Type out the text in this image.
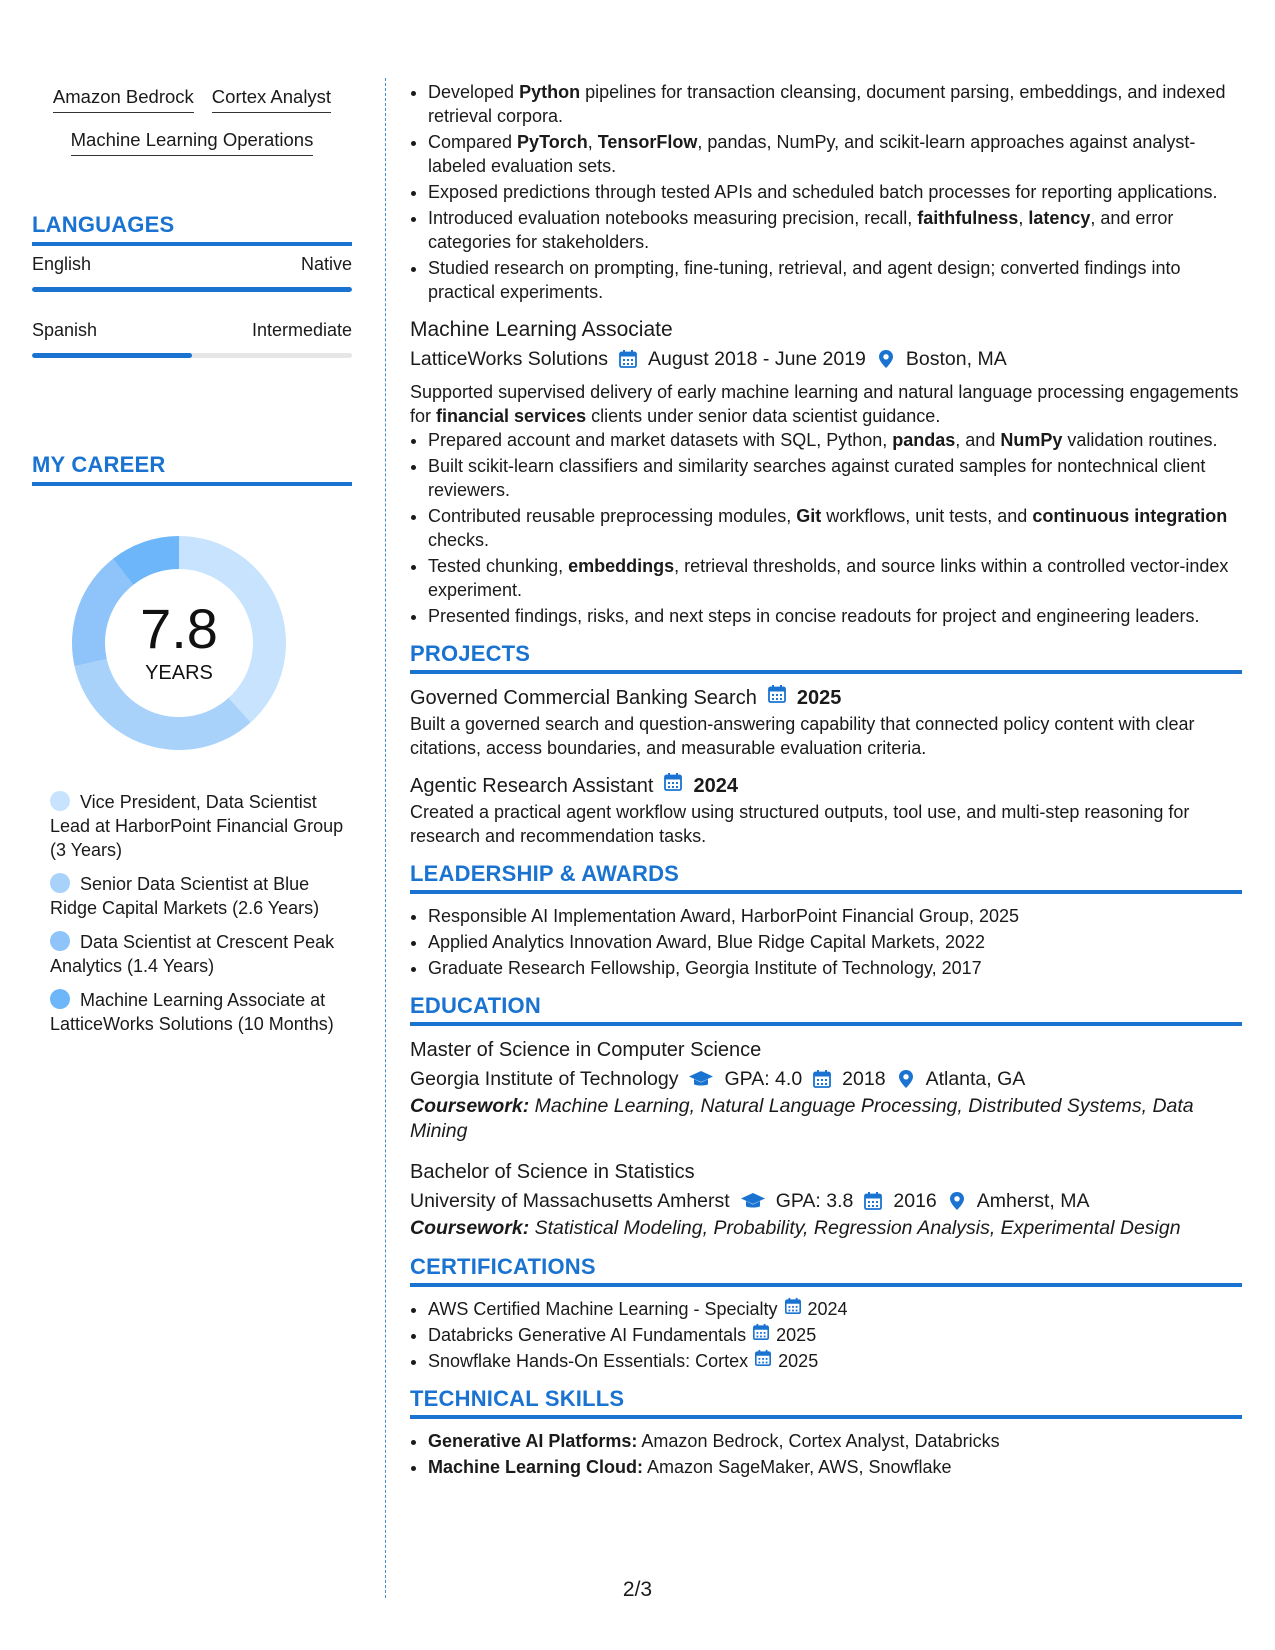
Amazon Bedrock Cortex Analyst
Machine Learning Operations
LANGUAGES
English	Native
Spanish	Intermediate
MY CAREER
7.8
YEARS
Vice President, Data Scientist Lead at HarborPoint Financial Group (3 Years)
Senior Data Scientist at Blue Ridge Capital Markets (2.6 Years)
Data Scientist at Crescent Peak Analytics (1.4 Years)
Machine Learning Associate at LatticeWorks Solutions (10 Months)
• Developed Python pipelines for transaction cleansing, document parsing, embeddings, and indexed retrieval corpora.
• Compared PyTorch, TensorFlow, pandas, NumPy, and scikit-learn approaches against analyst-labeled evaluation sets.
• Exposed predictions through tested APIs and scheduled batch processes for reporting applications.
• Introduced evaluation notebooks measuring precision, recall, faithfulness, latency, and error categories for stakeholders.
• Studied research on prompting, fine-tuning, retrieval, and agent design; converted findings into practical experiments.
Machine Learning Associate
LatticeWorks Solutions August 2018 - June 2019 Boston, MA
Supported supervised delivery of early machine learning and natural language processing engagements for financial services clients under senior data scientist guidance.
• Prepared account and market datasets with SQL, Python, pandas, and NumPy validation routines.
• Built scikit-learn classifiers and similarity searches against curated samples for nontechnical client reviewers.
• Contributed reusable preprocessing modules, Git workflows, unit tests, and continuous integration checks.
• Tested chunking, embeddings, retrieval thresholds, and source links within a controlled vector-index experiment.
• Presented findings, risks, and next steps in concise readouts for project and engineering leaders.
PROJECTS
Governed Commercial Banking Search 2025
Built a governed search and question-answering capability that connected policy content with clear citations, access boundaries, and measurable evaluation criteria.
Agentic Research Assistant 2024
Created a practical agent workflow using structured outputs, tool use, and multi-step reasoning for research and recommendation tasks.
LEADERSHIP & AWARDS
• Responsible AI Implementation Award, HarborPoint Financial Group, 2025
• Applied Analytics Innovation Award, Blue Ridge Capital Markets, 2022
• Graduate Research Fellowship, Georgia Institute of Technology, 2017
EDUCATION
Master of Science in Computer Science
Georgia Institute of Technology GPA: 4.0 2018 Atlanta, GA
Coursework: Machine Learning, Natural Language Processing, Distributed Systems, Data Mining
Bachelor of Science in Statistics
University of Massachusetts Amherst GPA: 3.8 2016 Amherst, MA
Coursework: Statistical Modeling, Probability, Regression Analysis, Experimental Design
CERTIFICATIONS
• AWS Certified Machine Learning - Specialty 2024
• Databricks Generative AI Fundamentals 2025
• Snowflake Hands-On Essentials: Cortex 2025
TECHNICAL SKILLS
• Generative AI Platforms: Amazon Bedrock, Cortex Analyst, Databricks
• Machine Learning Cloud: Amazon SageMaker, AWS, Snowflake
2/3
